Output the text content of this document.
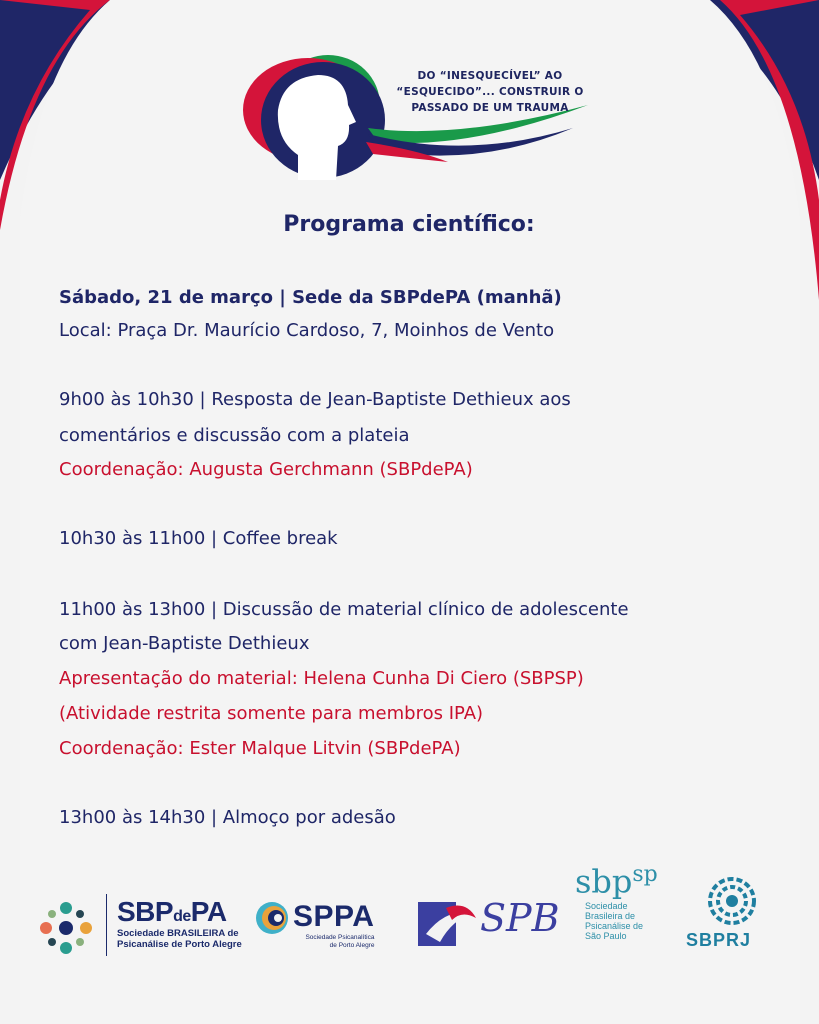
DO “INESQUECÍVEL” AO
“ESQUECIDO”... CONSTRUIR O
PASSADO DE UM TRAUMA
Programa científico:
Sábado, 21 de março | Sede da SBPdePA (manhã)
Local: Praça Dr. Maurício Cardoso, 7, Moinhos de Vento
9h00 às 10h30 | Resposta de Jean-Baptiste Dethieux aos
comentários e discussão com a plateia
Coordenação: Augusta Gerchmann (SBPdePA)
10h30 às 11h00 | Coffee break
11h00 às 13h00 | Discussão de material clínico de adolescente
com Jean-Baptiste Dethieux
Apresentação do material: Helena Cunha Di Ciero (SBPSP)
(Atividade restrita somente para membros IPA)
Coordenação: Ester Malque Litvin (SBPdePA)
13h00 às 14h30 | Almoço por adesão
SBPdePA
Sociedade BRASILEIRA de
Psicanálise de Porto Alegre
SPPA
Sociedade Psicanalítica
de Porto Alegre
SPB
sbp$^{sp}$
Sociedade
Brasileira de
Psicanálise de
São Paulo	SBPRJ
